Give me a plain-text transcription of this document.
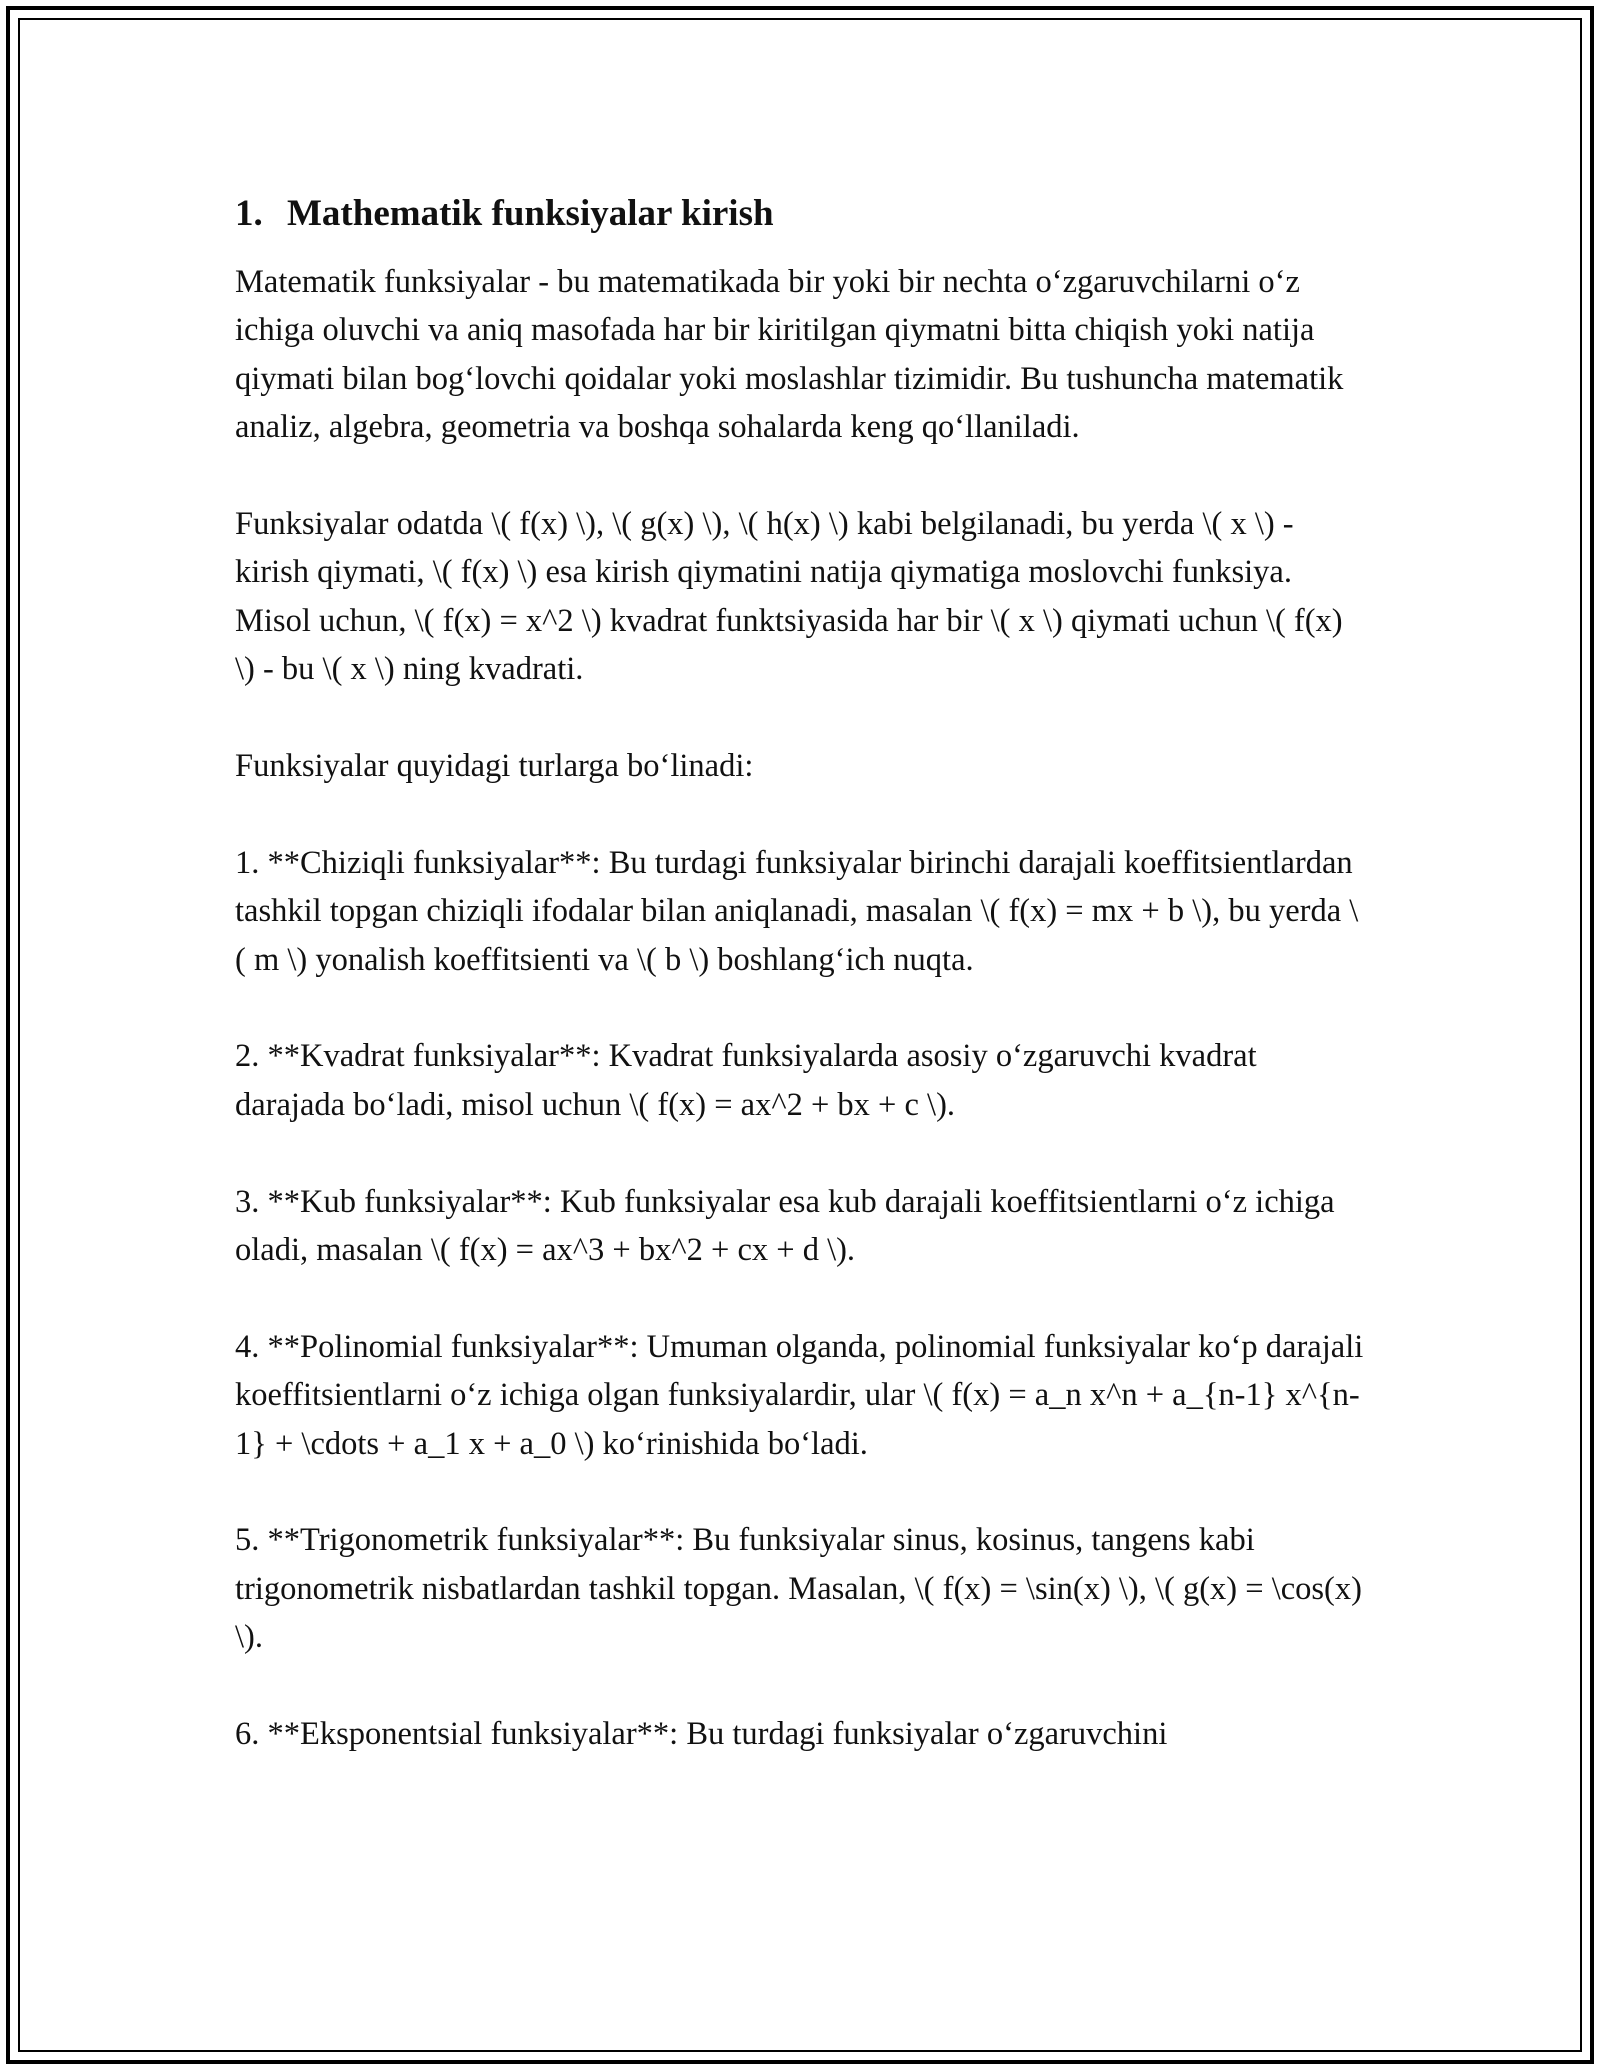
1. Mathematik funksiyalar kirish

Matematik funksiyalar - bu matematikada bir yoki bir nechta o‘zgaruvchilarni o‘z ichiga oluvchi va aniq masofada har bir kiritilgan qiymatni bitta chiqish yoki natija qiymati bilan bog‘lovchi qoidalar yoki moslashlar tizimidir. Bu tushuncha matematik analiz, algebra, geometria va boshqa sohalarda keng qo‘llaniladi.

Funksiyalar odatda \( f(x) \), \( g(x) \), \( h(x) \) kabi belgilanadi, bu yerda \( x \) - kirish qiymati, \( f(x) \) esa kirish qiymatini natija qiymatiga moslovchi funksiya. Misol uchun, \( f(x) = x^2 \) kvadrat funktsiyasida har bir \( x \) qiymati uchun \( f(x) \) - bu \( x \) ning kvadrati.

Funksiyalar quyidagi turlarga bo‘linadi:

1. **Chiziqli funksiyalar**: Bu turdagi funksiyalar birinchi darajali koeffitsientlardan tashkil topgan chiziqli ifodalar bilan aniqlanadi, masalan \( f(x) = mx + b \), bu yerda \( m \) yonalish koeffitsienti va \( b \) boshlang‘ich nuqta.

2. **Kvadrat funksiyalar**: Kvadrat funksiyalarda asosiy o‘zgaruvchi kvadrat darajada bo‘ladi, misol uchun \( f(x) = ax^2 + bx + c \).

3. **Kub funksiyalar**: Kub funksiyalar esa kub darajali koeffitsientlarni o‘z ichiga oladi, masalan \( f(x) = ax^3 + bx^2 + cx + d \).

4. **Polinomial funksiyalar**: Umuman olganda, polinomial funksiyalar ko‘p darajali koeffitsientlarni o‘z ichiga olgan funksiyalardir, ular \( f(x) = a_n x^n + a_{n-1} x^{n-1} + \cdots + a_1 x + a_0 \) ko‘rinishida bo‘ladi.

5. **Trigonometrik funksiyalar**: Bu funksiyalar sinus, kosinus, tangens kabi trigonometrik nisbatlardan tashkil topgan. Masalan, \( f(x) = \sin(x) \), \( g(x) = \cos(x) \).

6. **Eksponentsial funksiyalar**: Bu turdagi funksiyalar o‘zgaruvchini
